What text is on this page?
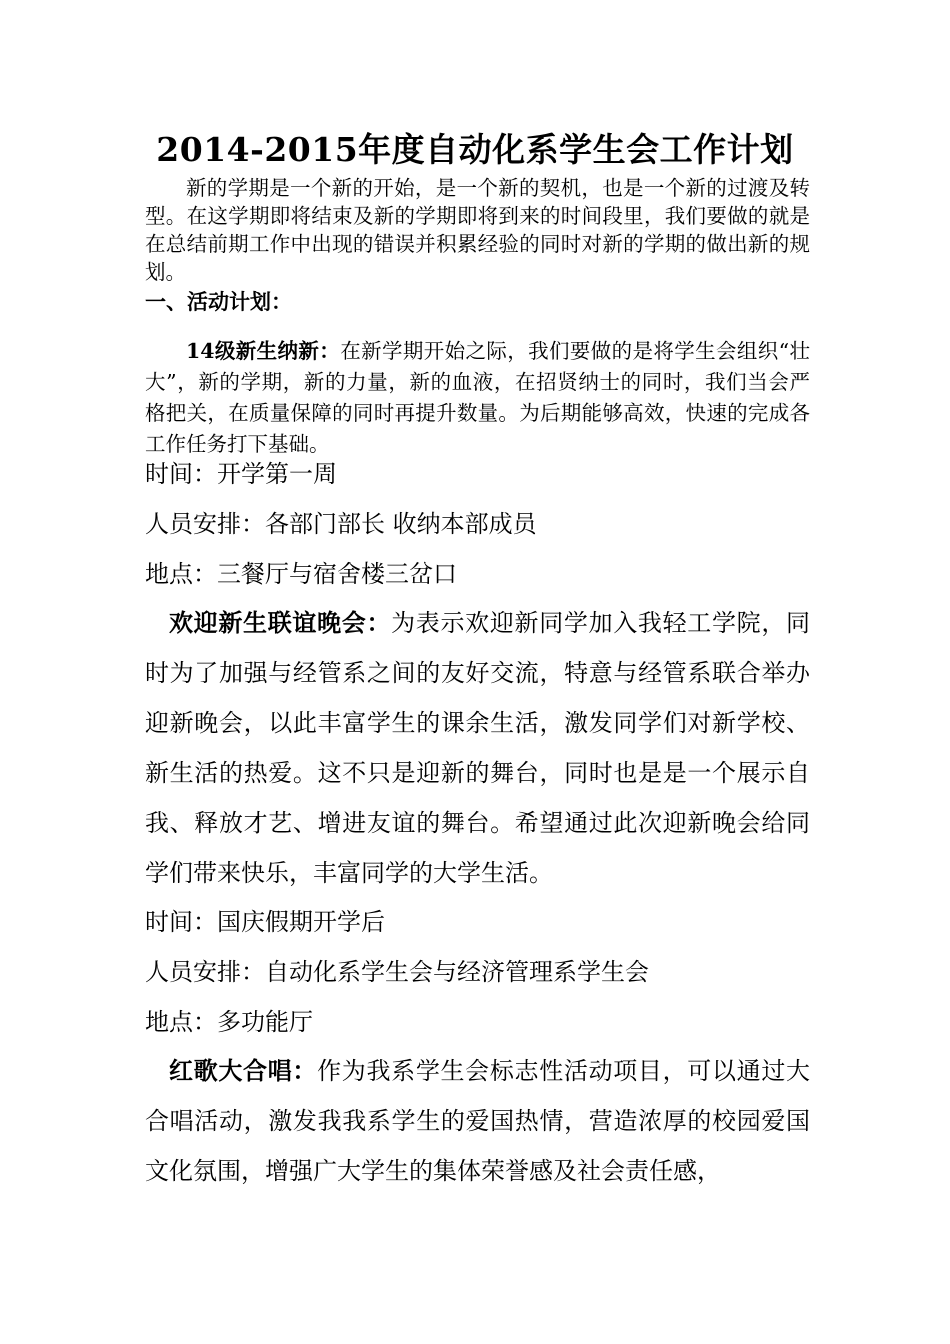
2014-2015年度自动化系学生会工作计划
新的学期是一个新的开始，是一个新的契机，也是一个新的过渡及转型。在这学期即将结束及新的学期即将到来的时间段里，我们要做的就是在总结前期工作中出现的错误并积累经验的同时对新的学期的做出新的规划。
一、活动计划：
14级新生纳新：在新学期开始之际，我们要做的是将学生会组织“壮大”，新的学期，新的力量，新的血液，在招贤纳士的同时，我们当会严格把关，在质量保障的同时再提升数量。为后期能够高效，快速的完成各工作任务打下基础。
时间：开学第一周
人员安排：各部门部长 收纳本部成员
地点：三餐厅与宿舍楼三岔口
欢迎新生联谊晚会：为表示欢迎新同学加入我轻工学院，同时为了加强与经管系之间的友好交流，特意与经管系联合举办迎新晚会，以此丰富学生的课余生活，激发同学们对新学校、新生活的热爱。这不只是迎新的舞台，同时也是是一个展示自我、释放才艺、增进友谊的舞台。希望通过此次迎新晚会给同学们带来快乐，丰富同学的大学生活。
时间：国庆假期开学后
人员安排：自动化系学生会与经济管理系学生会
地点：多功能厅
红歌大合唱：作为我系学生会标志性活动项目，可以通过大合唱活动，激发我我系学生的爱国热情，营造浓厚的校园爱国文化氛围，增强广大学生的集体荣誉感及社会责任感，
